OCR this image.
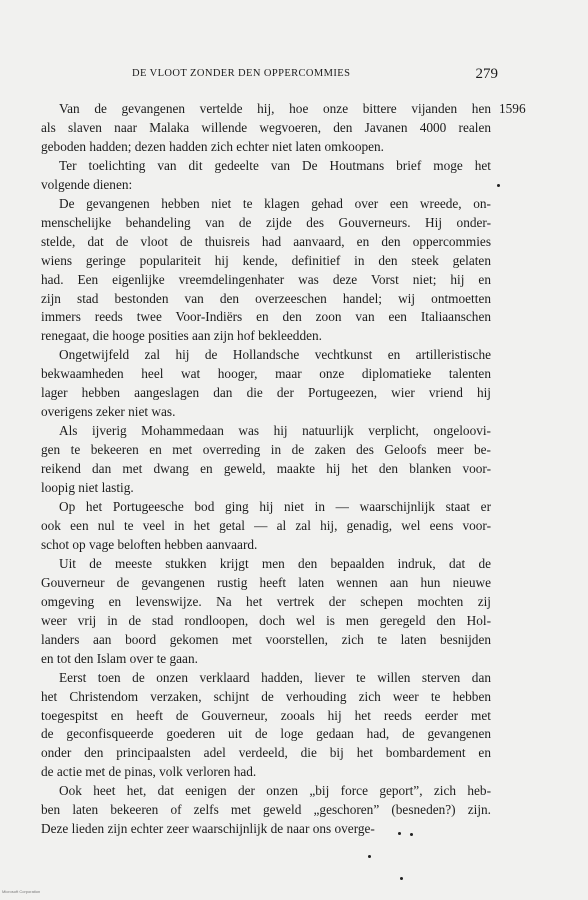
DE VLOOT ZONDER DEN OPPERCOMMIES	279
1596

Van de gevangenen vertelde hij, hoe onze bittere vijanden hen
als slaven naar Malaka willende wegvoeren, den Javanen 4000 realen
geboden hadden; dezen hadden zich echter niet laten omkoopen.

Ter toelichting van dit gedeelte van De Houtmans brief moge het
volgende dienen:

De gevangenen hebben niet te klagen gehad over een wreede, on-
menschelijke behandeling van de zijde des Gouverneurs. Hij onder-
stelde, dat de vloot de thuisreis had aanvaard, en den oppercommies
wiens geringe populariteit hij kende, definitief in den steek gelaten
had. Een eigenlijke vreemdelingenhater was deze Vorst niet; hij en
zijn stad bestonden van den overzeeschen handel; wij ontmoetten
immers reeds twee Voor-Indiërs en den zoon van een Italiaanschen
renegaat, die hooge posities aan zijn hof bekleedden.

Ongetwijfeld zal hij de Hollandsche vechtkunst en artilleristische
bekwaamheden heel wat hooger, maar onze diplomatieke talenten
lager hebben aangeslagen dan die der Portugeezen, wier vriend hij
overigens zeker niet was.

Als ijverig Mohammedaan was hij natuurlijk verplicht, ongeloovi-
gen te bekeeren en met overreding in de zaken des Geloofs meer be-
reikend dan met dwang en geweld, maakte hij het den blanken voor-
loopig niet lastig.

Op het Portugeesche bod ging hij niet in — waarschijnlijk staat er
ook een nul te veel in het getal — al zal hij, genadig, wel eens voor-
schot op vage beloften hebben aanvaard.

Uit de meeste stukken krijgt men den bepaalden indruk, dat de
Gouverneur de gevangenen rustig heeft laten wennen aan hun nieuwe
omgeving en levenswijze. Na het vertrek der schepen mochten zij
weer vrij in de stad rondloopen, doch wel is men geregeld den Hol-
landers aan boord gekomen met voorstellen, zich te laten besnijden
en tot den Islam over te gaan.

Eerst toen de onzen verklaard hadden, liever te willen sterven dan
het Christendom verzaken, schijnt de verhouding zich weer te hebben
toegespitst en heeft de Gouverneur, zooals hij het reeds eerder met
de geconfisqueerde goederen uit de loge gedaan had, de gevangenen
onder den principaalsten adel verdeeld, die bij het bombardement en
de actie met de pinas, volk verloren had.

Ook heet het, dat eenigen der onzen „bij force geport”, zich heb-
ben laten bekeeren of zelfs met geweld „geschoren” (besneden?) zijn.
Deze lieden zijn echter zeer waarschijnlijk de naar ons overge-

Microsoft Corporation
